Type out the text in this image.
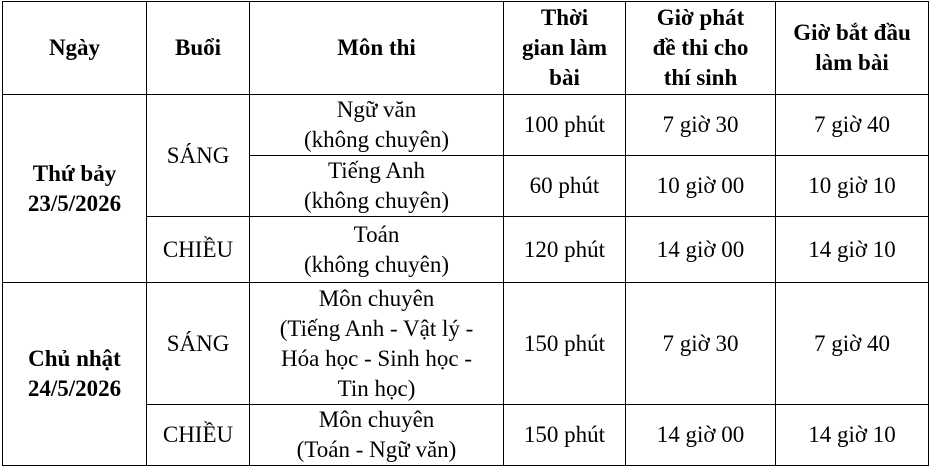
Ngày	Buổi	Môn thi	Thời
gian làm
bài	Giờ phát
đề thi cho
thí sinh	Giờ bắt đầu
làm bài

Thứ bảy
23/5/2026	SÁNG	Ngữ văn
(không chuyên)	100 phút	7 giờ 30	7 giờ 40

		Tiếng Anh
(không chuyên)	60 phút	10 giờ 00	10 giờ 10
	CHIỀU	Toán
(không chuyên)	120 phút	14 giờ 00	14 giờ 10

Chủ nhật
24/5/2026	SÁNG	Môn chuyên
(Tiếng Anh - Vật lý -
Hóa học - Sinh học -
Tin học)	150 phút	7 giờ 30	7 giờ 40
	CHIỀU	Môn chuyên
(Toán - Ngữ văn)	150 phút	14 giờ 00	14 giờ 10
